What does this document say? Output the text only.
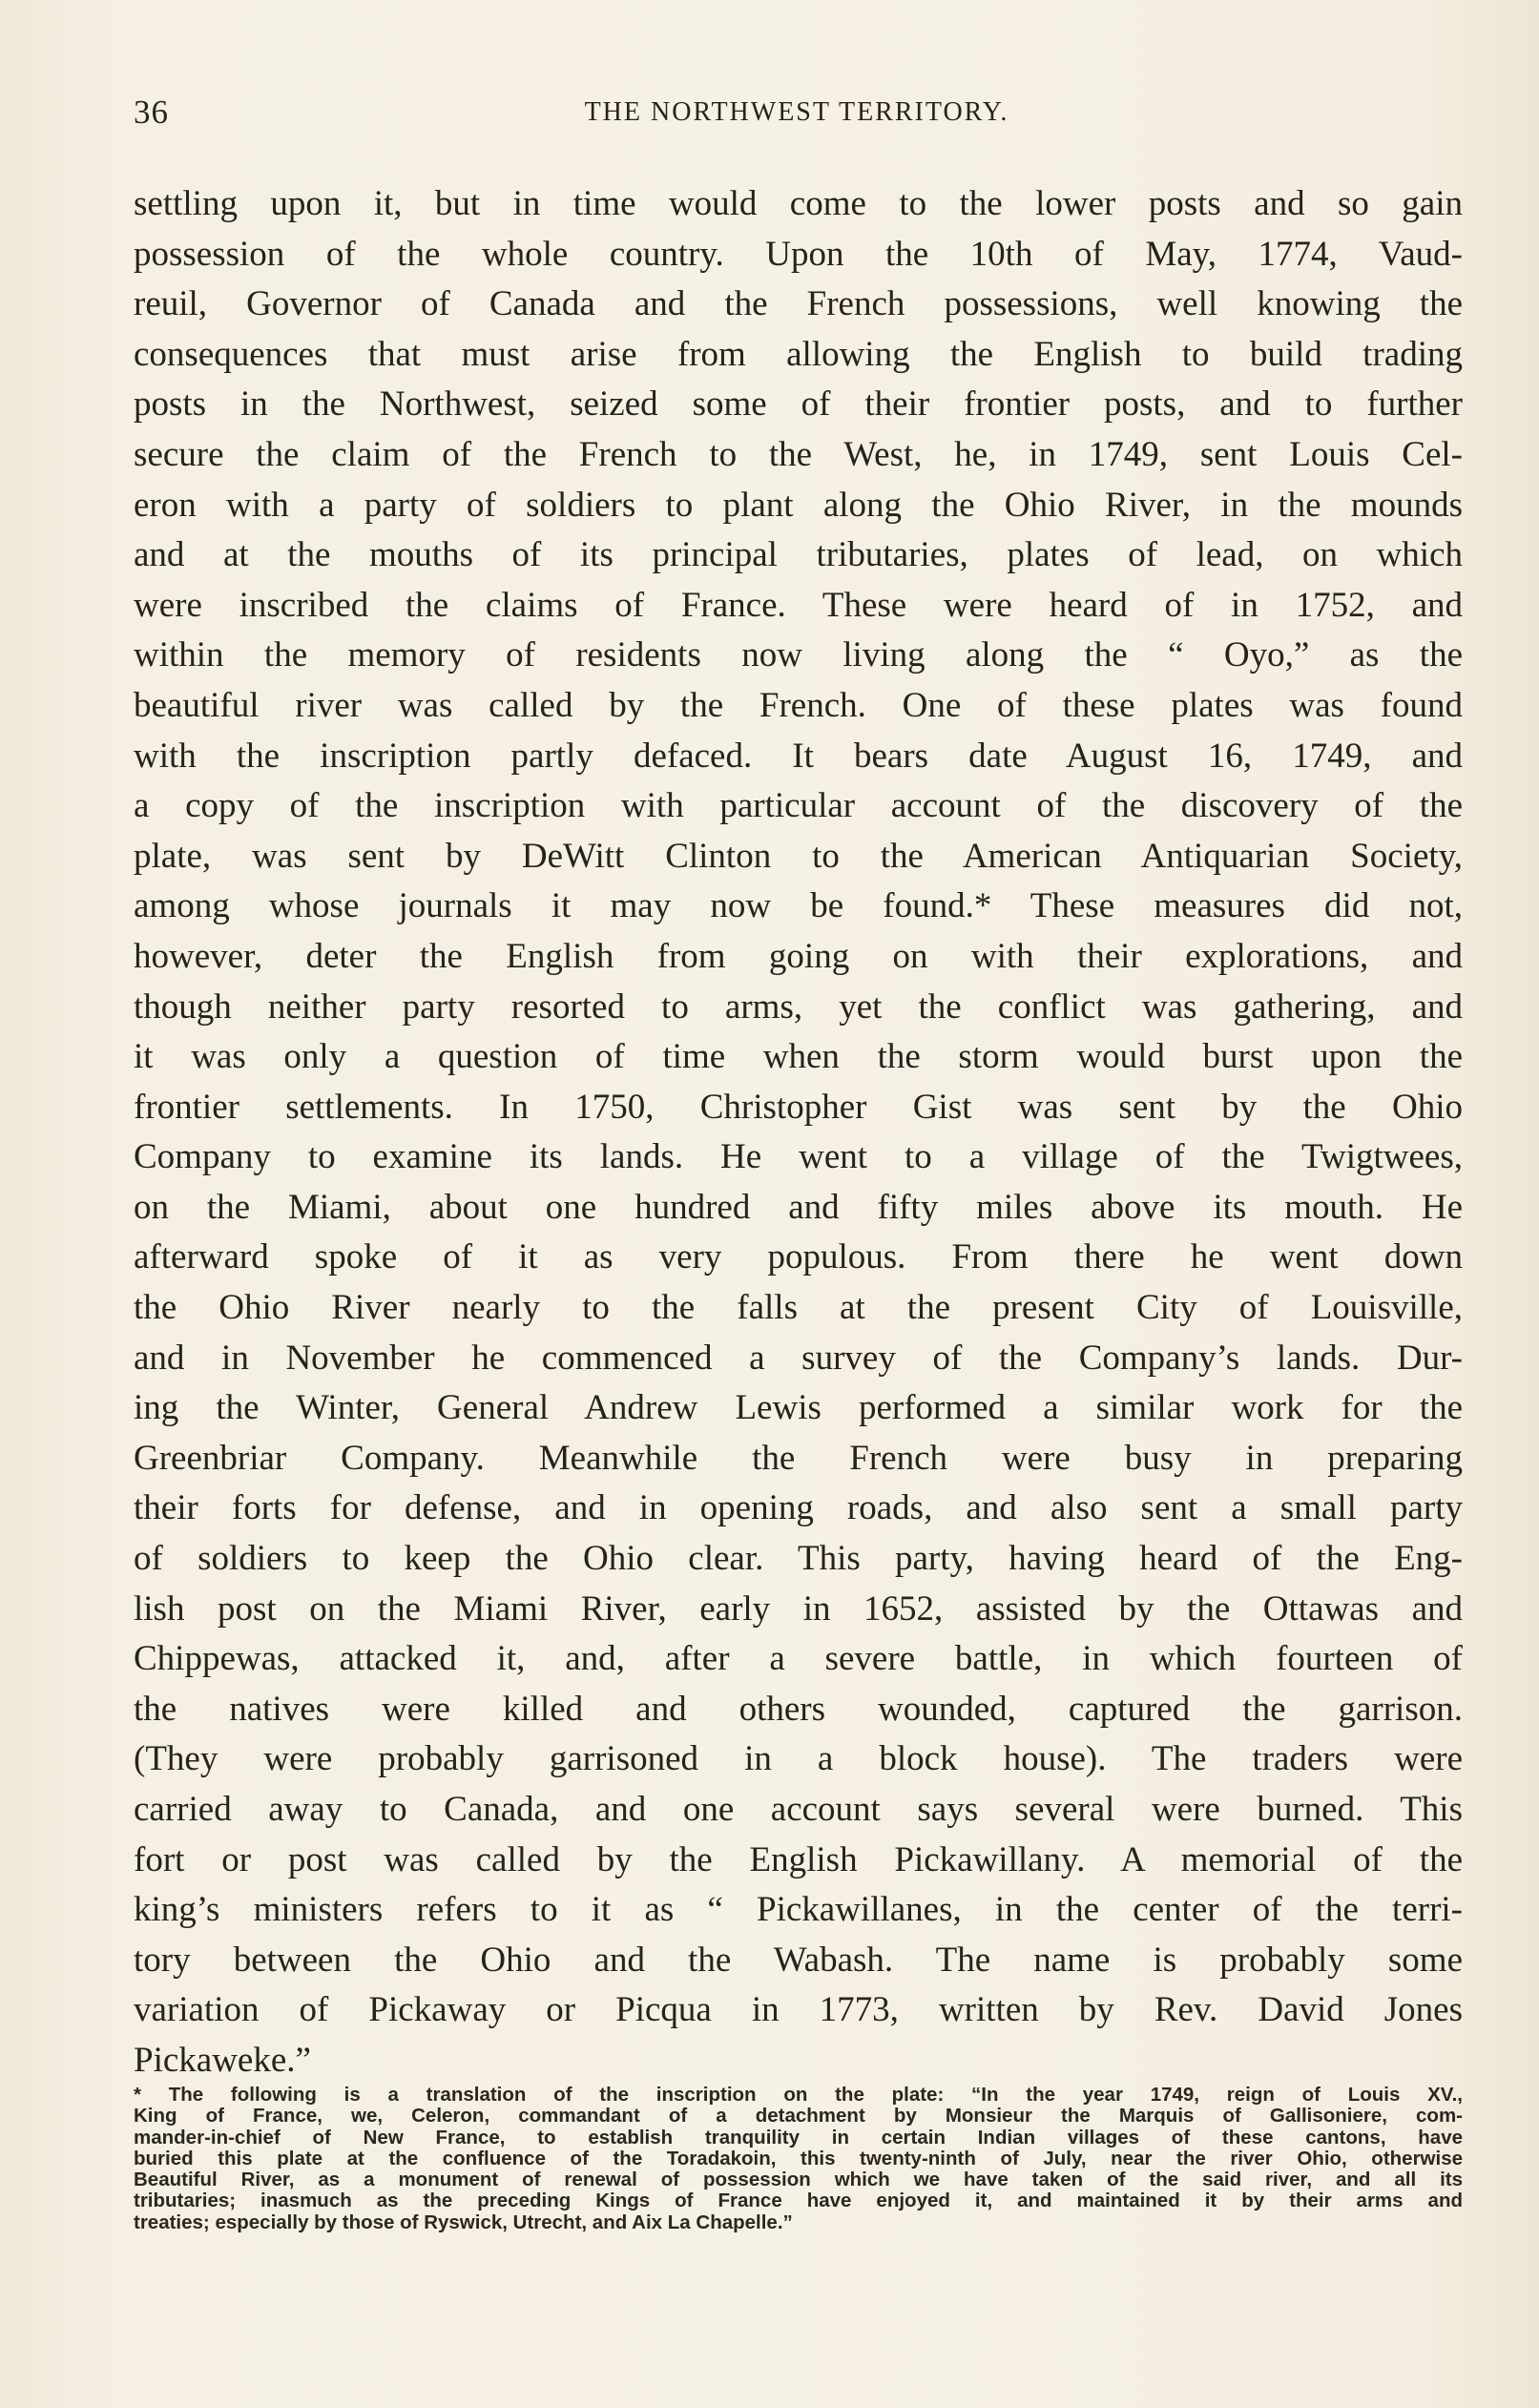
36	THE NORTHWEST TERRITORY.
settling upon it, but in time would come to the lower posts and so gain
possession of the whole country. Upon the 10th of May, 1774, Vaud-
reuil, Governor of Canada and the French possessions, well knowing the
consequences that must arise from allowing the English to build trading
posts in the Northwest, seized some of their frontier posts, and to further
secure the claim of the French to the West, he, in 1749, sent Louis Cel-
eron with a party of soldiers to plant along the Ohio River, in the mounds
and at the mouths of its principal tributaries, plates of lead, on which
were inscribed the claims of France. These were heard of in 1752, and
within the memory of residents now living along the “ Oyo,” as the
beautiful river was called by the French. One of these plates was found
with the inscription partly defaced. It bears date August 16, 1749, and
a copy of the inscription with particular account of the discovery of the
plate, was sent by DeWitt Clinton to the American Antiquarian Society,
among whose journals it may now be found.* These measures did not,
however, deter the English from going on with their explorations, and
though neither party resorted to arms, yet the conflict was gathering, and
it was only a question of time when the storm would burst upon the
frontier settlements. In 1750, Christopher Gist was sent by the Ohio
Company to examine its lands. He went to a village of the Twigtwees,
on the Miami, about one hundred and fifty miles above its mouth. He
afterward spoke of it as very populous. From there he went down
the Ohio River nearly to the falls at the present City of Louisville,
and in November he commenced a survey of the Company’s lands. Dur-
ing the Winter, General Andrew Lewis performed a similar work for the
Greenbriar Company. Meanwhile the French were busy in preparing
their forts for defense, and in opening roads, and also sent a small party
of soldiers to keep the Ohio clear. This party, having heard of the Eng-
lish post on the Miami River, early in 1652, assisted by the Ottawas and
Chippewas, attacked it, and, after a severe battle, in which fourteen of
the natives were killed and others wounded, captured the garrison.
(They were probably garrisoned in a block house). The traders were
carried away to Canada, and one account says several were burned. This
fort or post was called by the English Pickawillany. A memorial of the
king’s ministers refers to it as “ Pickawillanes, in the center of the terri-
tory between the Ohio and the Wabash. The name is probably some
variation of Pickaway or Picqua in 1773, written by Rev. David Jones
Pickaweke.”
* The following is a translation of the inscription on the plate: “In the year 1749, reign of Louis XV.,
King of France, we, Celeron, commandant of a detachment by Monsieur the Marquis of Gallisoniere, com-
mander-in-chief of New France, to establish tranquility in certain Indian villages of these cantons, have
buried this plate at the confluence of the Toradakoin, this twenty-ninth of July, near the river Ohio, otherwise
Beautiful River, as a monument of renewal of possession which we have taken of the said river, and all its
tributaries; inasmuch as the preceding Kings of France have enjoyed it, and maintained it by their arms and
treaties; especially by those of Ryswick, Utrecht, and Aix La Chapelle.”
